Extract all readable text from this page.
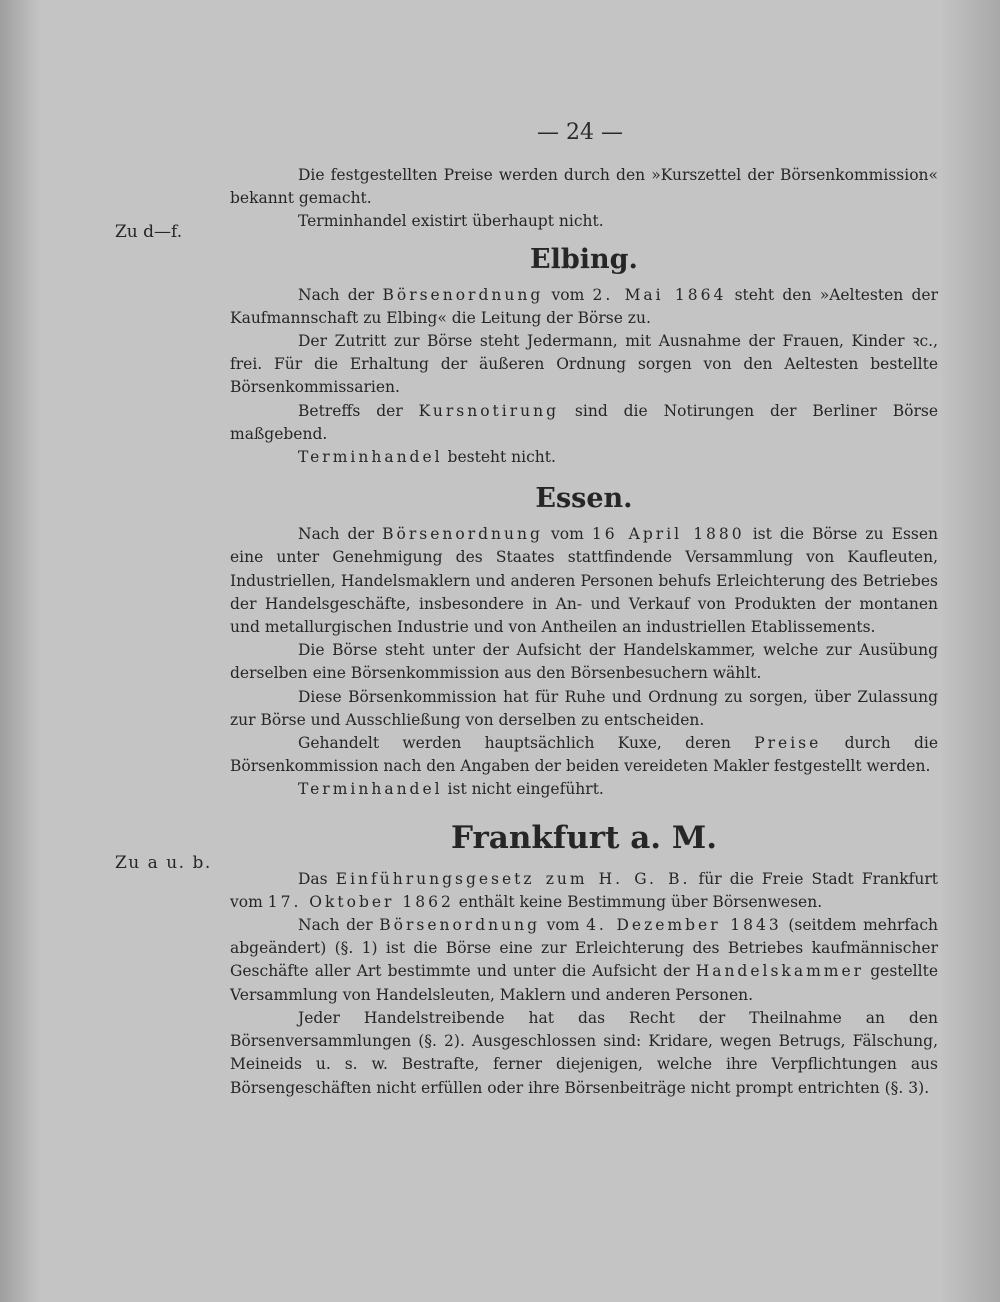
— 24 —
Zu d—f.
Zu a u. b.

Die festgestellten Preise werden durch den »Kurszettel der Börsenkommission« bekannt gemacht.

Terminhandel existirt überhaupt nicht.

Elbing.

Nach der Börsenordnung vom 2. Mai 1864 steht den »Aeltesten der Kaufmannschaft zu Elbing« die Leitung der Börse zu.

Der Zutritt zur Börse steht Jedermann, mit Ausnahme der Frauen, Kinder ꝛc., frei. Für die Erhaltung der äußeren Ordnung sorgen von den Aeltesten bestellte Börsenkommissarien.

Betreffs der Kursnotirung sind die Notirungen der Berliner Börse maßgebend.

Terminhandel besteht nicht.

Essen.

Nach der Börsenordnung vom 16 April 1880 ist die Börse zu Essen eine unter Genehmigung des Staates stattfindende Versammlung von Kaufleuten, Industriellen, Handelsmaklern und anderen Personen behufs Erleichterung des Betriebes der Handelsgeschäfte, insbesondere in An- und Verkauf von Produkten der montanen und metallurgischen Industrie und von Antheilen an industriellen Etablissements.

Die Börse steht unter der Aufsicht der Handelskammer, welche zur Ausübung derselben eine Börsenkommission aus den Börsenbesuchern wählt.

Diese Börsenkommission hat für Ruhe und Ordnung zu sorgen, über Zulassung zur Börse und Ausschließung von derselben zu entscheiden.

Gehandelt werden hauptsächlich Kuxe, deren Preise durch die Börsenkommission nach den Angaben der beiden vereideten Makler festgestellt werden.

Terminhandel ist nicht eingeführt.

Frankfurt a. M.

Das Einführungsgesetz zum H. G. B. für die Freie Stadt Frankfurt vom 17. Oktober 1862 enthält keine Bestimmung über Börsenwesen.

Nach der Börsenordnung vom 4. Dezember 1843 (seitdem mehrfach abgeändert) (§. 1) ist die Börse eine zur Erleichterung des Betriebes kaufmännischer Geschäfte aller Art bestimmte und unter die Aufsicht der Handelskammer gestellte Versammlung von Handelsleuten, Maklern und anderen Personen.

Jeder Handelstreibende hat das Recht der Theilnahme an den Börsenversammlungen (§. 2). Ausgeschlossen sind: Kridare, wegen Betrugs, Fälschung, Meineids u. s. w. Bestrafte, ferner diejenigen, welche ihre Verpflichtungen aus Börsengeschäften nicht erfüllen oder ihre Börsenbeiträge nicht prompt entrichten (§. 3).
